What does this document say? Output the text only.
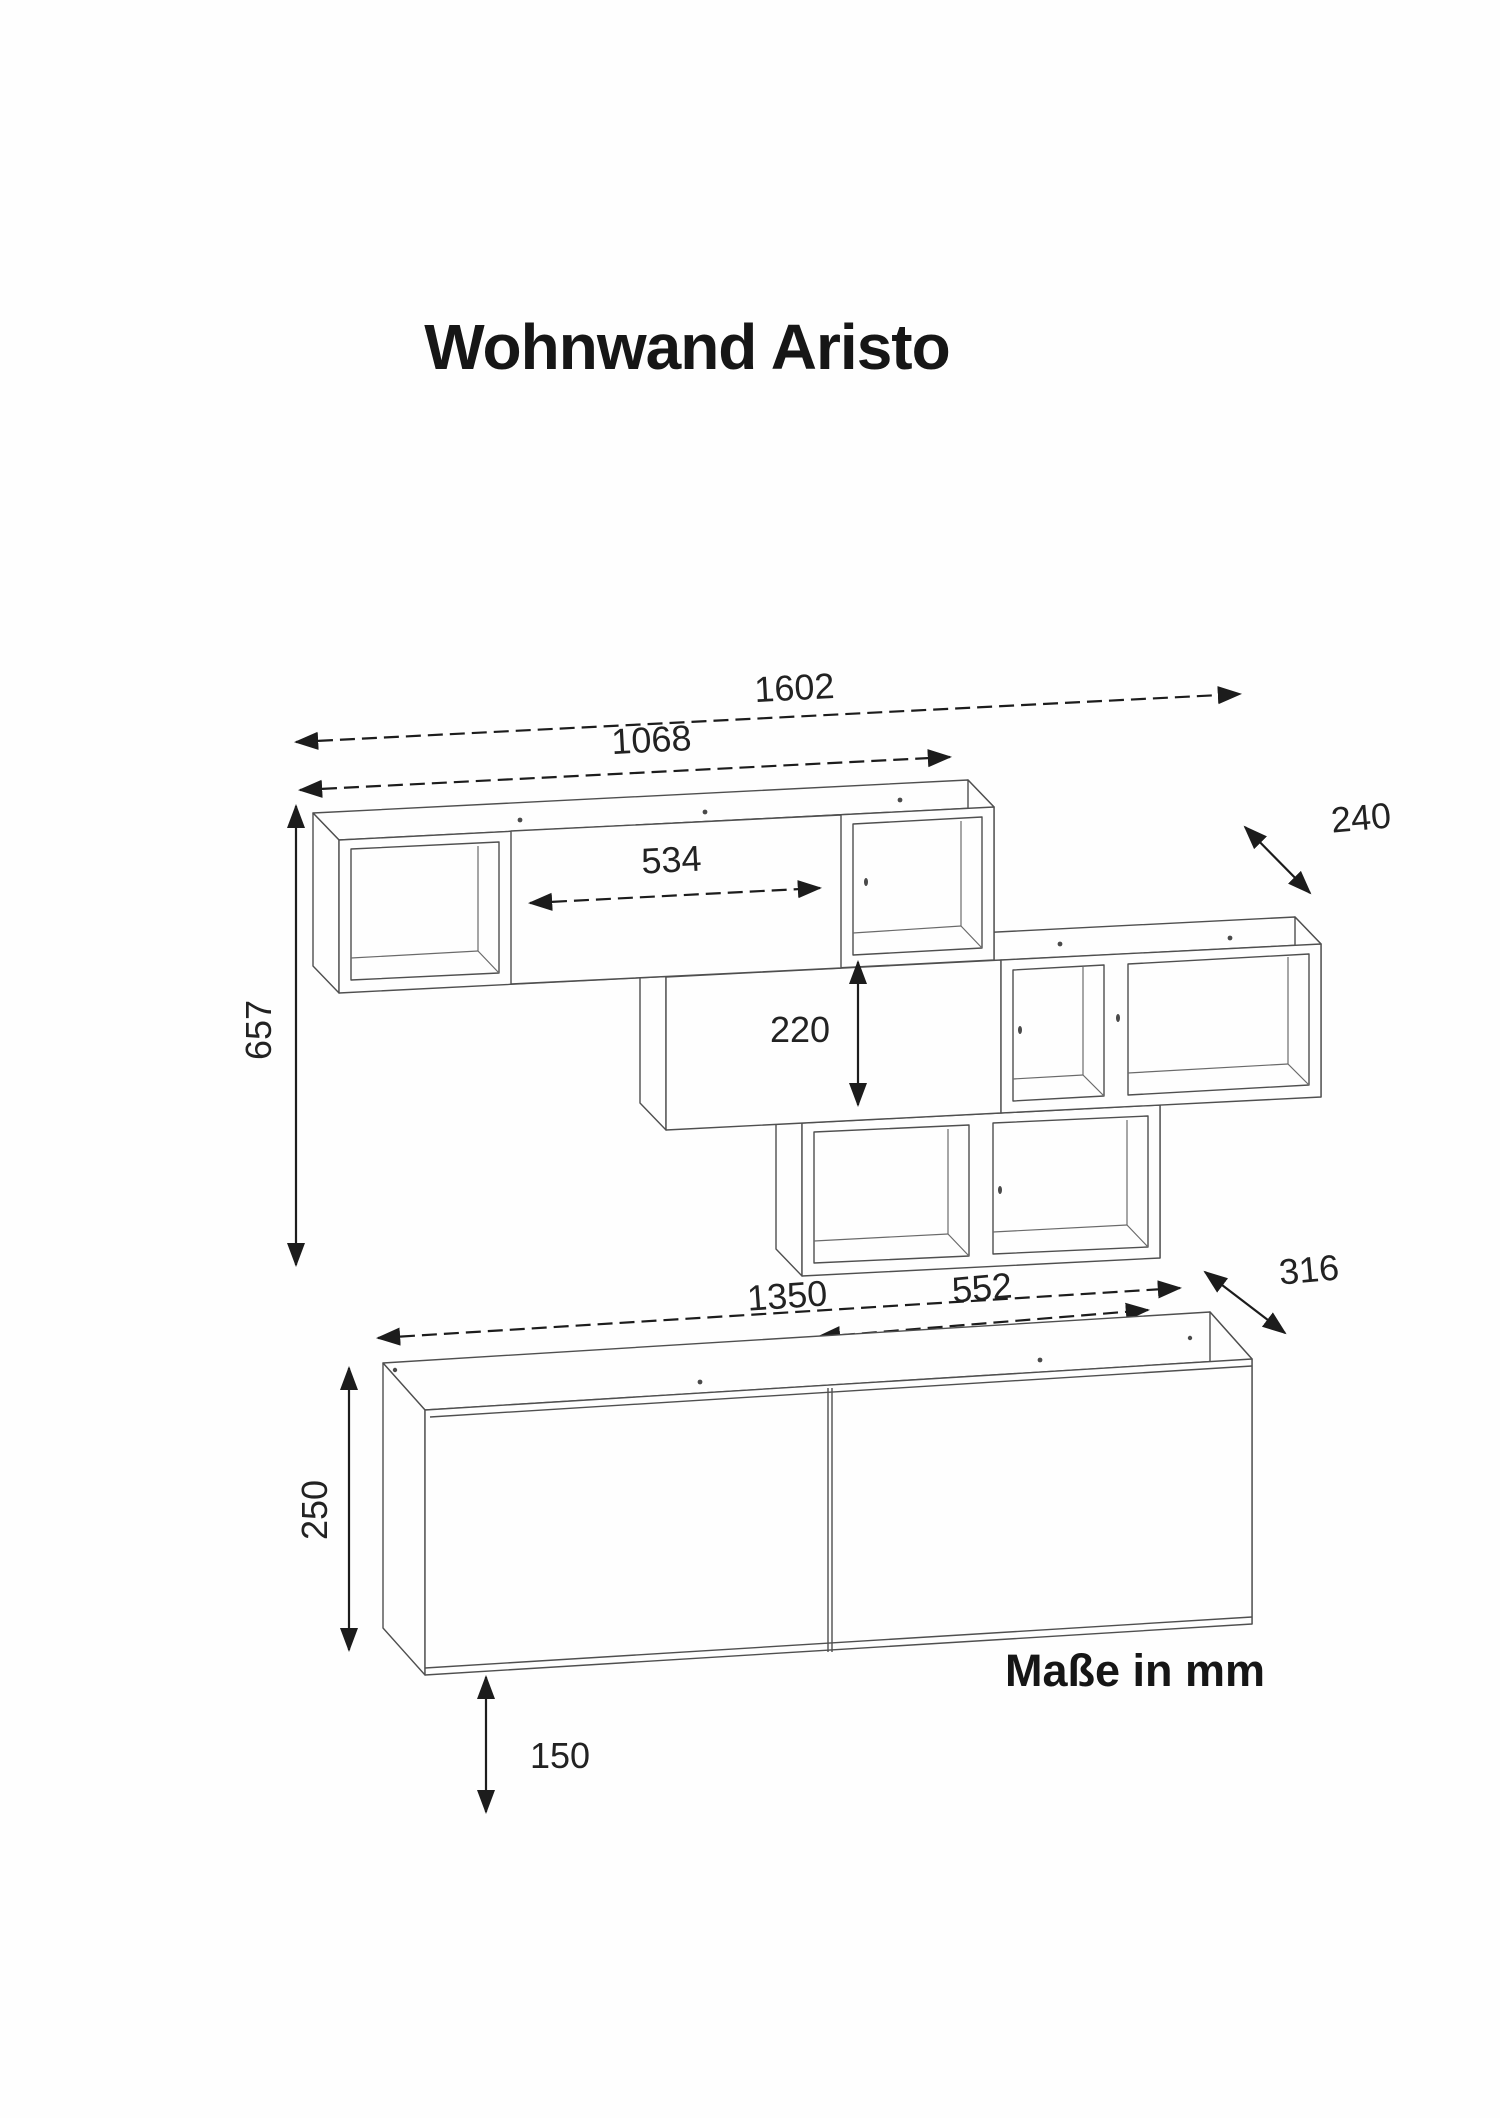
Wohnwand Aristo
1602
1068
534
240
657	220
552
1350
316
250
150
Maße in mm
